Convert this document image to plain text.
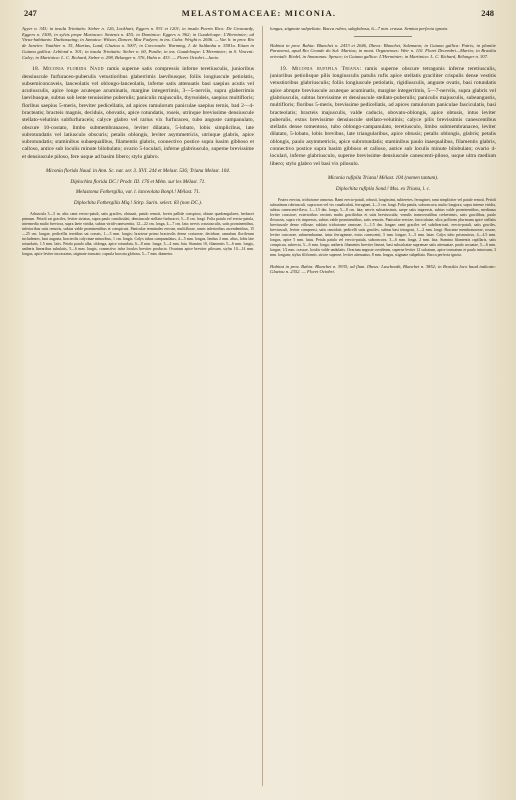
247	MELASTOMACEAE: MICONIA.	248

Ayyer n. 343; in insula Trinitatis: Sieber n. 126, Lockhart, Eggers n. 931 et 1201; in insula Puerto Rico: De Grosourdy, Eggers n. 1500; in sylvis prope Mariacao: Sintenis n. 455; in Dominica: Eggers n. 962; in Guadeloupe: L'Herminier; ad Vieux-habitants: Duchassaing; in Jamaica: Wilson, Dancer, Mac Fadyen; in ins. Cuba: Wright n. 2606. — Var. b. in prov. Rio de Janeiro: Vauthier n. 35, Martius, Lund, Glaziou n. 3007; in Corcovado: Warming, J. de Saldanha n. 5581a. Etiam in Guiana gallica: Leblond n. 301; in insula Trinitatis: Sieber n. 60, Purdie; in ins. Guadeloupe: L'Herminier; in S. Vincent: Caley; in Martinica: L. C. Richard, Sieber n. 298, Belanger n. 376, Hahn n. 433. — Floret Octobri—Junio.

18. Miconia florida Naud ramis superne satis compressis inferne teretiusculis, junioribus densiuscule furfuraceo-puberulis vetustioribus glaberrimis laevibusque; foliis longiuscule petiolatis, subsemiconcaveis, lanceolatis vel oblongo-lanceolatis, inferne satis attenuatis basi saepius acutis vel acutiusculis, apice longe acuteque acuminatis, margine integerrimis, 3—5-nerviis, supra glaberrimis laevibusque, subtus sub lente tenuissime puberulis; paniculis majusculis, thyrsoideis, saepius multifloris; floribus saepius 5-meris, breviter pedicellatis, ad apices ramulorum paniculae saepius ternis, bad 2—4-bracteatis; bracteis magnis, deciduis, obovatis, apice rotundatis, roseis, utrinque brevissime densiuscule stellato-velutinis subfurfuraceis; calyce glabro vel rarius vix furfuraceo, tubo anguste campanulato, obscure 10-costato, limbo submembranaceo, leviter dilatato, 5-lobato, lobis simplicibus, late subrotundatis vel latiusculo obscuris; petalis oblongis, leviter asymmetricis, utrinque glabris, apice subrotundatis; staminibus subaequalibus, filamentis glabris, connectivo postice supra basim gibboso et calloso, antice sub loculis minute bilobulato; ovario 5-loculari, inferne glabriusculo, superne brevissime et densiuscule piloso, fere usque ad basim libero; stylo glabro.

Miconia florida Naud. in Ann. Sc. nat. ser. 3. XVI. 244 et Melast. 536; Triana Melast. 104.

Diplochita florida DC.! Prodr. III. 176 et Mém. sur les Mélast. 71.

Melastoma Fothergilla, var. l. lanceolata Bonpl.! Mélast. 71.

Diplochita Fothergilla Miq.! Stirp. Surin. select. 83 (non DC.).

Arbuscula 3—5 m. alta: rami erecto-patuli, satis graciles, obtusati, patulo remoti, foveis pallide conspicui, obtuse quadrangulares, herbacei primum. Petioli sat graciles, leviter striatus, supra paulo canaliculati, densiuscule stellato-furfuracei, 5—8 cm. longi. Folia patula vel erecto-patula, intermedia multo breviora, supra laete viridia, subtus viridi-canescentia, 12—22 cm. longa, 4—7 cm. lata; nervis crassiusculis, satis prominentibus, inferioribus satis remotis, subtus valde prominentibus et conspicuis. Paniculae terminales erectae, multiflorae, ramis inferioribus ascendentibus, 15—25 cm. longae, pedicellis teretibus sat crassis, 1—3 mm. longis; bracteae primo bracteolis dense coriaceae, deciduae, ramulum floriferum includentes, basi angusta, bracteolis calycinae minoribus, 1 cm. longis. Calyx tubus campanulatus, 4—5 mm. longus, limbus 2 mm. altus, lobis late rotundatis, 1.5 mm. latis. Petala patula alba, oblonga, apice rotundata, 6—8 mm. longa, 3—4 mm. lata. Stamina 10, filamentis 5—6 mm. longis, antheris linearibus subulatis, 5—6 mm. longis, connectivo infra loculos breviter producto. Ovarium apice breviter pilosum, stylus 10—14 mm. longus, apice leviter incrassatus, stigmate truncato; capsula baccata globosa, 5—7 mm. diametro.

longus, stigmate subpeltato. Bacca rubra, subglobosa, 6—7 mm. crassa. Semina perfecta ignota.

Habitat in prov. Bahia: Blanchet n. 2433 et 2646, Ilheos: Blanchet, Salzmann; in Guiana gallica: Patris; in planitie Paranensi, apud Rio Grande do Sul: Martius; in mont. Organenses: Weir n. 110. Floret Decembri—Martio; in Brasilia orientali: Riedel, in Amazonas: Spruce; in Guiana gallica: L'Herminier; in Martinica: L. C. Richard, Bélanger n. 307.

19. Miconia rufipila Triana: ramis superne obscure tetragonis inferne teretiusculis, junioribus petiolisque pilis longiusculis patulis rufis apice stellatis graciliter crispulis dense vestitis vetustioribus glabriusculis; foliis longiuscule petiolatis, rigidiusculis, anguste ovatis, basi rotundatis apice abrupte breviuscule acuteque acuminatis, margine integerrimis, 5—7-nerviis, supra glabris vel glabriusculis, subtus brevissime et densiuscule stellato-puberulis; paniculis majusculis, subeangustis, multifloris; floribus 5-meris, brevissime pedicellatis, ad apices ramulorum paniculae fasciculatis, basi bracteolatis; bracteis majusculis, valde caducis, obovato-oblongis, apice obtusis, intus leviter puberulis, extus brevissime densiuscule stellato-velutinis; calyce pilis brevissimis canescentibus stellatis dense tomentoso, tubo oblongo-campanulato, teretiusculo, limbo submembranaceo, leviter dilatato, 5-lobato, lobis brevibus, late triangularibus, apice obtusis; petalis oblongis, glabris; petalis oblongis, paulo asymmetricis, apice subrotundatis; staminibus paulo inaequalibus, filamentis glabris, connectivo postice supra basim gibboso et calloso, antice sub loculis minute bilobulato; ovario 4-loculari, inferne glabriusculo, superne brevissime densiuscule canescenti-piloso, usque ultra medium libero; stylo glabro vel basi vix pilosulo.

Miconia rufipila Triana! Mélast. 104 (nomen tantum).

Diplochita rufipila Sond.! Mss. ex Triana, l. c.

Frutex erectus, trichotome ramosus. Rami erecto-patuli, robusti, longissimi, subteretes, ferruginei, rami simpliciter vel patule remoti. Petioli subsatimus rubriusculi, supra non vel vix canaliculati, ferruginei, 2—5 cm. longi. Folia patula, subconcava, multo longiora, supra intense viridia, subtus canescenti-flava, 1—1.5 dm. longa, 5—8 cm. lata; nervis subsatissimis, saepe satis impressis, subtus valde prominentibus, medianus leviter crassiore; exterioribus cercinis multo graciliobus et satis breviusculis; venulis transversalibus creberrimis, satis gracilibus, paulo flexuosis, supra vix impressis, subtus valde prominentibus, satis remotis. Paniculae erectae, fasciculatae, ultra pollicem plurimum apice stellatis breviuscule dense villosae, sublato trichotome ramosae, 1—1.5 dm. longae; rami graciles vel subdivaricati, erecto-patuli, satis graciles, breviusculi, leviter compressi, satis rancidati; pedicelli satis graciles, subtus basi tetragoni, 1—2 mm. longi. Bracteae membranaceae, roseae, leviter concavae, submembranae, intus ferrugineae, extus canescenti, 5 mm. longae, 3—5 mm. latae. Calyx tubo prismaticus, 4—4.5 mm. longus, apice 5 mm. latus. Petala patula vel erecto-patula, subconcava, 3—6 mm. longa, 2 mm. lata. Stamina filamentis capillaris, satis conspicua, subrecta, 5—6 mm. longa; antheris filamentis breviter lineari, basi subsulcatae supremae satis attenuatae, paulo arcuatae, 5—6 mm. longae, 1/2 mm. crassae, loculis valde undulatis. Ovarium anguste ovoideum, superne leviter 12 sulcatum, apice truncatum et paulo introrsum, 3 mm. longum; stylus filiformis, stricte superne, leviter attenuatus, 8 mm. longus, stigmate subpeltato. Bacca perfecta ignota.

Habitat in prov. Bahia: Blanchet n. 3935; ad flum. Ilheus: Luschnath, Blanchet n. 3852; in Brasilia loco haud indicato: Glaziou n. 2352. — Floret Octobri.
